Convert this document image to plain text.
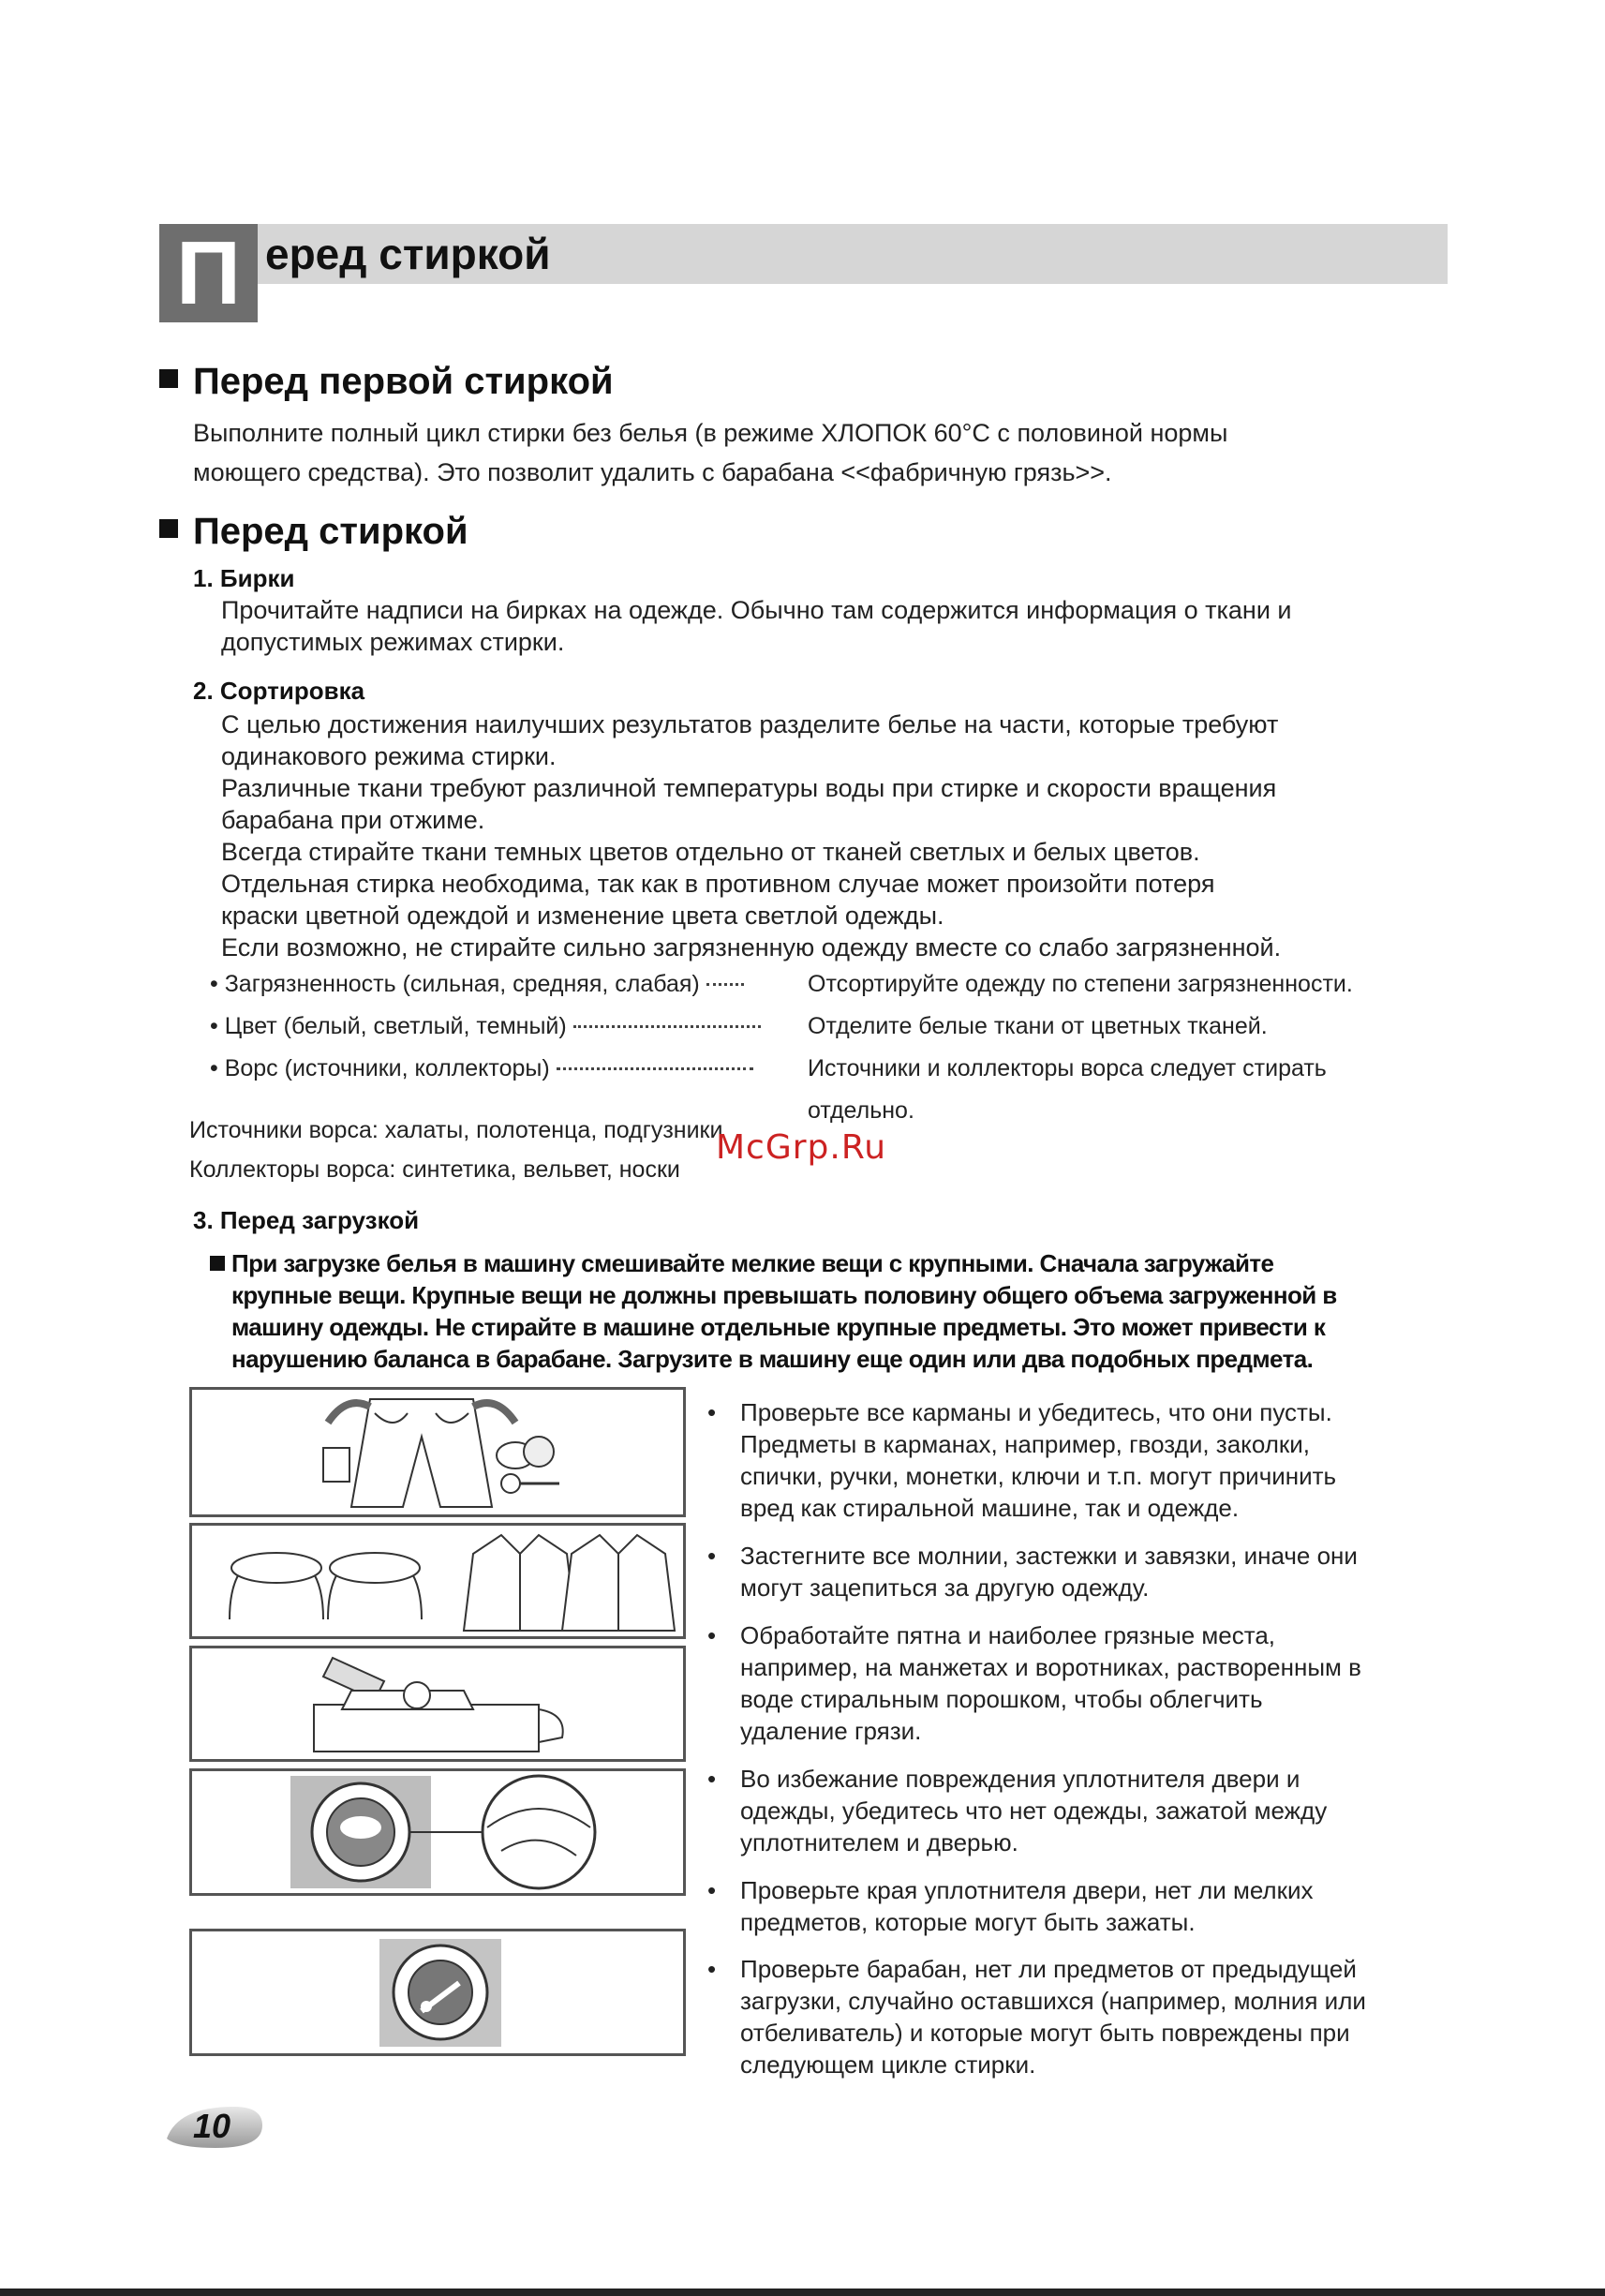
П еред стиркой
Перед первой стиркой
Выполните полный цикл стирки без белья (в режиме ХЛОПОК 60°С с половиной нормы
моющего средства). Это позволит удалить с барабана <<фабричную грязь>>.
Перед стиркой
1. Бирки
Прочитайте надписи на бирках на одежде. Обычно там содержится информация о ткани и
допустимых режимах стирки.
2. Сортировка
С целью достижения наилучших результатов разделите белье на части, которые требуют
одинакового режима стирки.
Различные ткани требуют различной температуры воды при стирке и скорости вращения
барабана при отжиме.
Всегда стирайте ткани темных цветов отдельно от тканей светлых и белых цветов.
Отдельная стирка необходима, так как в противном случае может произойти потеря
краски цветной одеждой и изменение цвета светлой одежды.
Если возможно, не стирайте сильно загрязненную одежду вместе со слабо загрязненной.
• Загрязненность (сильная, средняя, слабая)	Отсортируйте одежду по степени загрязненности.
• Цвет (белый, светлый, темный)	Отделите белые ткани от цветных тканей.
• Ворс (источники, коллекторы)	Источники и коллекторы ворса следует стирать
отдельно.
Источники ворса: халаты, полотенца, подгузники
Коллекторы ворса: синтетика, вельвет, носки
McGrp.Ru
3. Перед загрузкой
При загрузке белья в машину смешивайте мелкие вещи с крупными. Сначала загружайте
крупные вещи. Крупные вещи не должны превышать половину общего объема загруженной в
машину одежды. Не стирайте в машине отдельные крупные предметы. Это может привести к
нарушению баланса в барабане. Загрузите в машину еще один или два подобных предмета.
• Проверьте все карманы и убедитесь, что они пусты.
Предметы в карманах, например, гвозди, заколки,
спички, ручки, монетки, ключи и т.п. могут причинить
вред как стиральной машине, так и одежде.
• Застегните все молнии, застежки и завязки, иначе они
могут зацепиться за другую одежду.
• Обработайте пятна и наиболее грязные места,
например, на манжетах и воротниках, растворенным в
воде стиральным порошком, чтобы облегчить
удаление грязи.
• Во избежание повреждения уплотнителя двери и
одежды, убедитесь что нет одежды, зажатой между
уплотнителем и дверью.
• Проверьте края уплотнителя двери, нет ли мелких
предметов, которые могут быть зажаты.
• Проверьте барабан, нет ли предметов от предыдущей
загрузки, случайно оставшихся (например, молния или
отбеливатель) и которые могут быть повреждены при
следующем цикле стирки.
10
